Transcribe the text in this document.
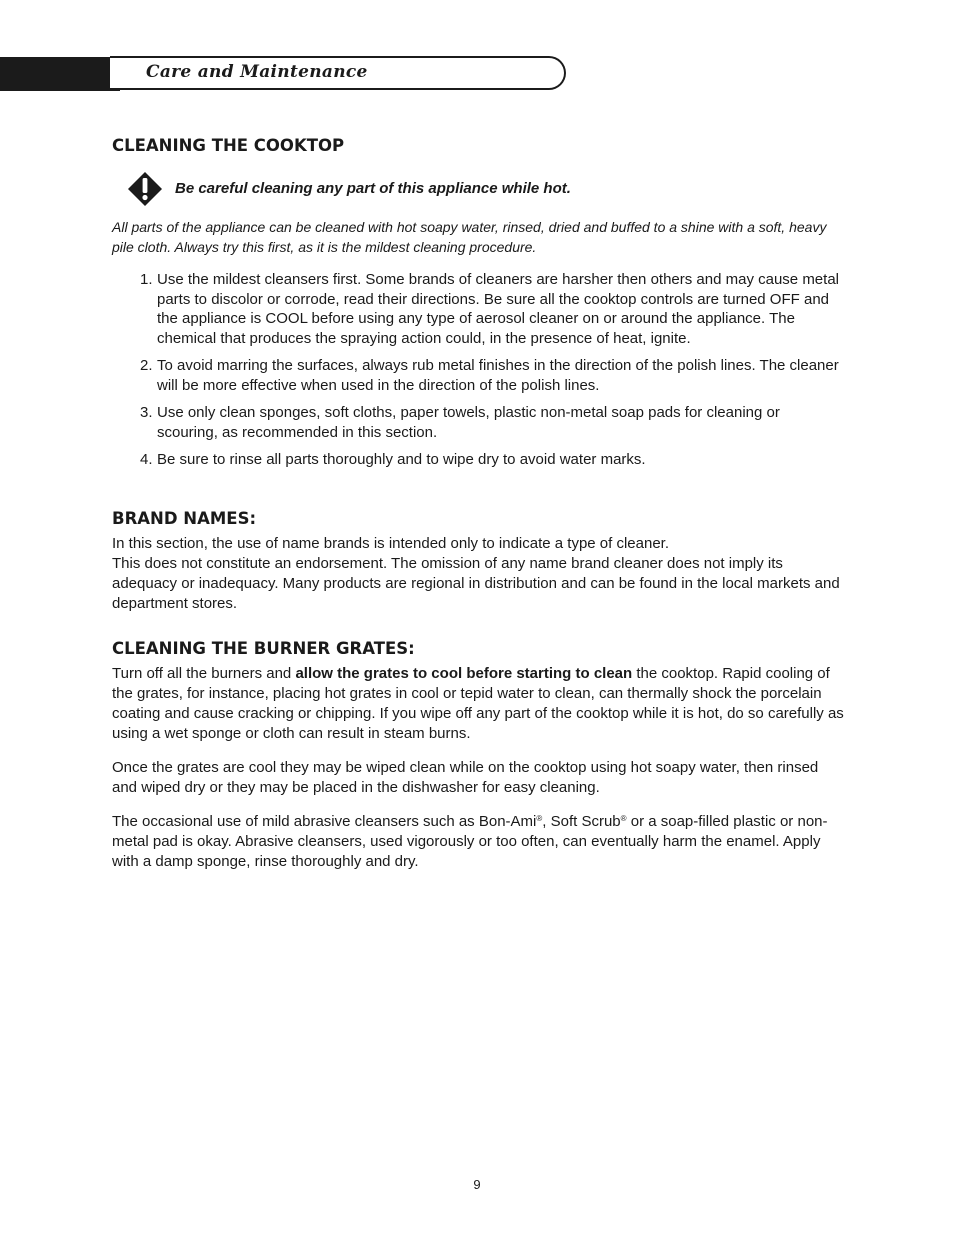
Care and Maintenance
CLEANING THE COOKTOP
Be careful cleaning any part of this appliance while hot.

All parts of the appliance can be cleaned with hot soapy water, rinsed, dried and buffed to a shine with a soft, heavy pile cloth. Always try this first, as it is the mildest cleaning procedure.

1. Use the mildest cleansers first. Some brands of cleaners are harsher then others and may cause metal parts to discolor or corrode, read their directions. Be sure all the cooktop controls are turned OFF and the appliance is COOL before using any type of aerosol cleaner on or around the appliance. The chemical that produces the spraying action could, in the presence of heat, ignite.
2. To avoid marring the surfaces, always rub metal finishes in the direction of the polish lines. The cleaner will be more effective when used in the direction of the polish lines.
3. Use only clean sponges, soft cloths, paper towels, plastic non-metal soap pads for cleaning or scouring, as recommended in this section.
4. Be sure to rinse all parts thoroughly and to wipe dry to avoid water marks.
BRAND NAMES:

In this section, the use of name brands is intended only to indicate a type of cleaner.

This does not constitute an endorsement. The omission of any name brand cleaner does not imply its adequacy or inadequacy. Many products are regional in distribution and can be found in the local markets and department stores.

CLEANING THE BURNER GRATES:

Turn off all the burners and allow the grates to cool before starting to clean the cooktop. Rapid cooling of the grates, for instance, placing hot grates in cool or tepid water to clean, can thermally shock the porcelain coating and cause cracking or chipping. If you wipe off any part of the cooktop while it is hot, do so carefully as using a wet sponge or cloth can result in steam burns.

Once the grates are cool they may be wiped clean while on the cooktop using hot soapy water, then rinsed and wiped dry or they may be placed in the dishwasher for easy cleaning.

The occasional use of mild abrasive cleansers such as Bon-Ami®, Soft Scrub® or a soap-filled plastic or non-metal pad is okay. Abrasive cleansers, used vigorously or too often, can eventually harm the enamel. Apply with a damp sponge, rinse thoroughly and dry.

9
